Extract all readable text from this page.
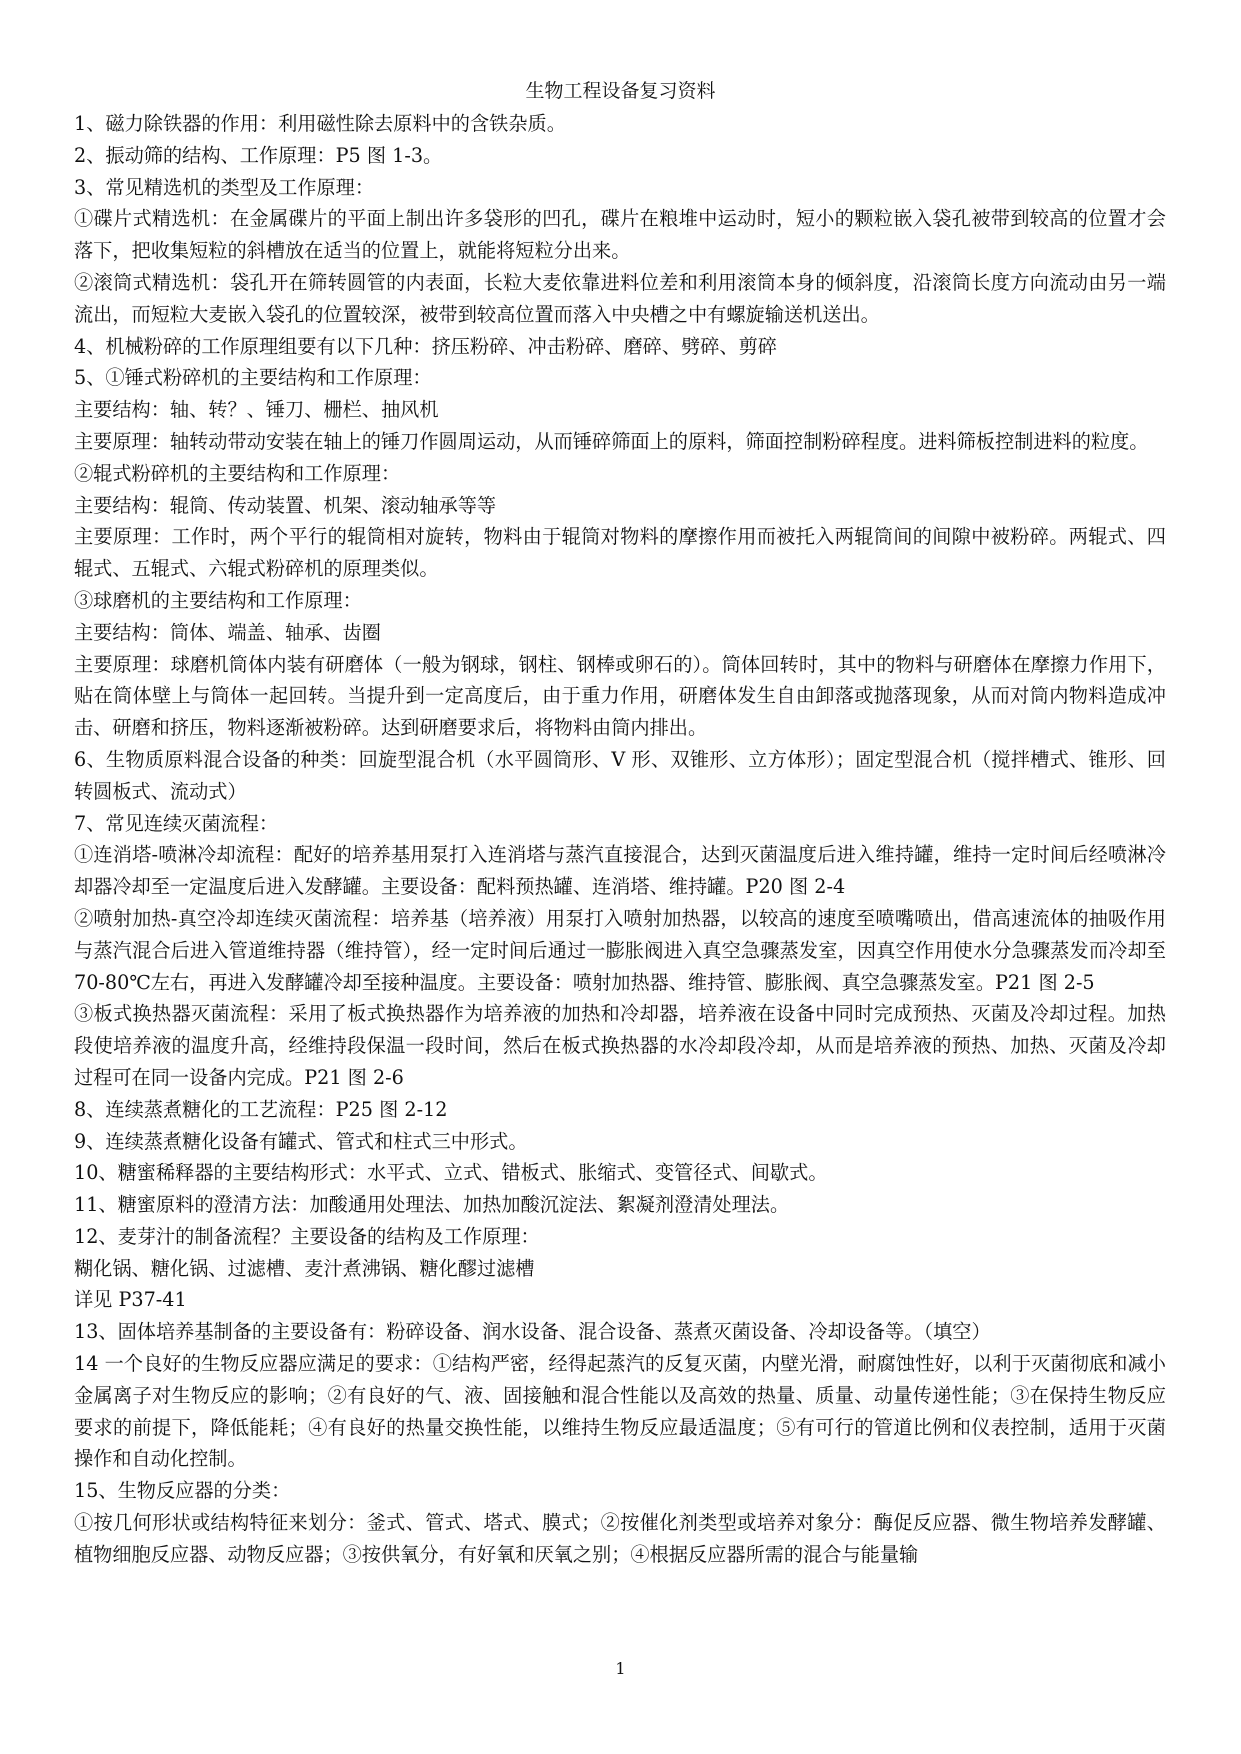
生物工程设备复习资料

1、磁力除铁器的作用：利用磁性除去原料中的含铁杂质。

2、振动筛的结构、工作原理：P5 图 1-3。

3、常见精选机的类型及工作原理：

①碟片式精选机：在金属碟片的平面上制出许多袋形的凹孔，碟片在粮堆中运动时，短小的颗粒嵌入袋孔被带到较高的位置才会落下，把收集短粒的斜槽放在适当的位置上，就能将短粒分出来。

②滚筒式精选机：袋孔开在筛转圆管的内表面，长粒大麦依靠进料位差和利用滚筒本身的倾斜度，沿滚筒长度方向流动由另一端流出，而短粒大麦嵌入袋孔的位置较深，被带到较高位置而落入中央槽之中有螺旋输送机送出。

4、机械粉碎的工作原理组要有以下几种：挤压粉碎、冲击粉碎、磨碎、劈碎、剪碎

5、①锤式粉碎机的主要结构和工作原理：

主要结构：轴、转？、锤刀、栅栏、抽风机

主要原理：轴转动带动安装在轴上的锤刀作圆周运动，从而锤碎筛面上的原料，筛面控制粉碎程度。进料筛板控制进料的粒度。

②辊式粉碎机的主要结构和工作原理：

主要结构：辊筒、传动装置、机架、滚动轴承等等

主要原理：工作时，两个平行的辊筒相对旋转，物料由于辊筒对物料的摩擦作用而被托入两辊筒间的间隙中被粉碎。两辊式、四辊式、五辊式、六辊式粉碎机的原理类似。

③球磨机的主要结构和工作原理：

主要结构：筒体、端盖、轴承、齿圈

主要原理：球磨机筒体内装有研磨体（一般为钢球，钢柱、钢棒或卵石的）。筒体回转时，其中的物料与研磨体在摩擦力作用下，贴在筒体壁上与筒体一起回转。当提升到一定高度后，由于重力作用，研磨体发生自由卸落或抛落现象，从而对筒内物料造成冲击、研磨和挤压，物料逐渐被粉碎。达到研磨要求后，将物料由筒内排出。

6、生物质原料混合设备的种类：回旋型混合机（水平圆筒形、V 形、双锥形、立方体形）；固定型混合机（搅拌槽式、锥形、回转圆板式、流动式）

7、常见连续灭菌流程：

①连消塔-喷淋冷却流程：配好的培养基用泵打入连消塔与蒸汽直接混合，达到灭菌温度后进入维持罐，维持一定时间后经喷淋冷却器冷却至一定温度后进入发酵罐。主要设备：配料预热罐、连消塔、维持罐。P20 图 2-4

②喷射加热-真空冷却连续灭菌流程：培养基（培养液）用泵打入喷射加热器，以较高的速度至喷嘴喷出，借高速流体的抽吸作用与蒸汽混合后进入管道维持器（维持管），经一定时间后通过一膨胀阀进入真空急骤蒸发室，因真空作用使水分急骤蒸发而冷却至 70-80℃左右，再进入发酵罐冷却至接种温度。主要设备：喷射加热器、维持管、膨胀阀、真空急骤蒸发室。P21 图 2-5

③板式换热器灭菌流程：采用了板式换热器作为培养液的加热和冷却器，培养液在设备中同时完成预热、灭菌及冷却过程。加热段使培养液的温度升高，经维持段保温一段时间，然后在板式换热器的水冷却段冷却，从而是培养液的预热、加热、灭菌及冷却过程可在同一设备内完成。P21 图 2-6

8、连续蒸煮糖化的工艺流程：P25 图 2-12

9、连续蒸煮糖化设备有罐式、管式和柱式三中形式。

10、糖蜜稀释器的主要结构形式：水平式、立式、错板式、胀缩式、变管径式、间歇式。

11、糖蜜原料的澄清方法：加酸通用处理法、加热加酸沉淀法、絮凝剂澄清处理法。

12、麦芽汁的制备流程？主要设备的结构及工作原理：

糊化锅、糖化锅、过滤槽、麦汁煮沸锅、糖化醪过滤槽

详见 P37-41

13、固体培养基制备的主要设备有：粉碎设备、润水设备、混合设备、蒸煮灭菌设备、冷却设备等。（填空）

14 一个良好的生物反应器应满足的要求：①结构严密，经得起蒸汽的反复灭菌，内壁光滑，耐腐蚀性好，以利于灭菌彻底和减小金属离子对生物反应的影响；②有良好的气、液、固接触和混合性能以及高效的热量、质量、动量传递性能；③在保持生物反应要求的前提下，降低能耗；④有良好的热量交换性能，以维持生物反应最适温度；⑤有可行的管道比例和仪表控制，适用于灭菌操作和自动化控制。

15、生物反应器的分类：

①按几何形状或结构特征来划分：釜式、管式、塔式、膜式；②按催化剂类型或培养对象分：酶促反应器、微生物培养发酵罐、植物细胞反应器、动物反应器；③按供氧分，有好氧和厌氧之别；④根据反应器所需的混合与能量输

1
